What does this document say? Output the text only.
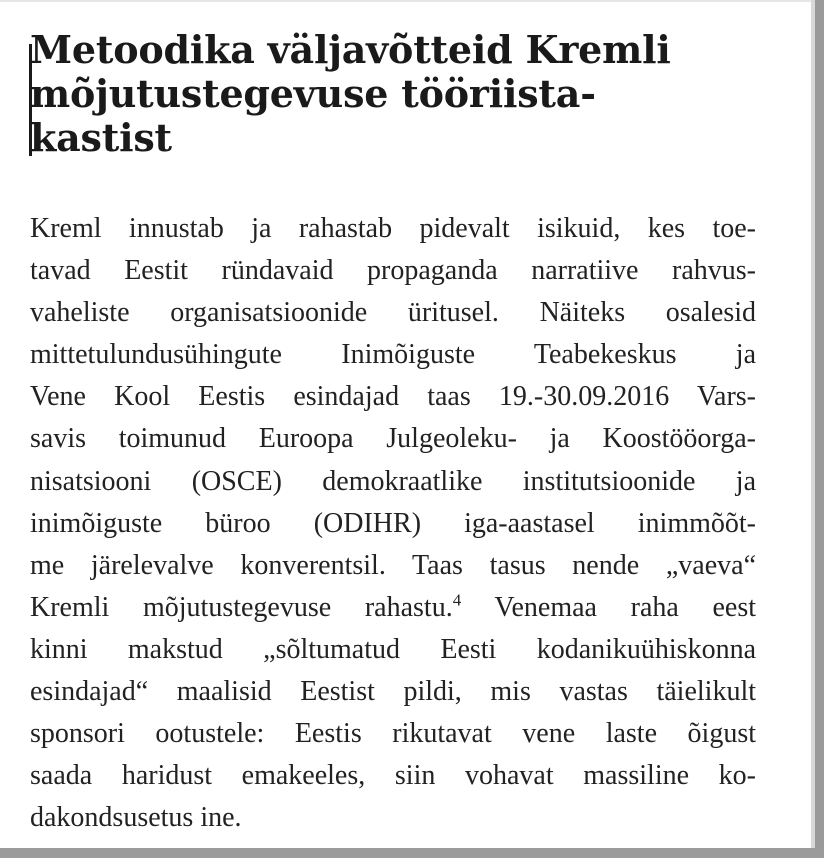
Metoodika väljavõtteid Kremli
mõjutustegevuse tööriista-
kastist
Kreml innustab ja rahastab pidevalt isikuid, kes toe-
tavad Eestit ründavaid propaganda narratiive rahvus-
vaheliste organisatsioonide üritusel. Näiteks osalesid
mittetulundusühingute Inimõiguste Teabekeskus ja
Vene Kool Eestis esindajad taas 19.-30.09.2016 Vars-
savis toimunud Euroopa Julgeoleku- ja Koostööorga-
nisatsiooni (OSCE) demokraatlike institutsioonide ja
inimõiguste büroo (ODIHR) iga-aastasel inimmõõt-
me järelevalve konverentsil. Taas tasus nende „vaeva“
Kremli mõjutustegevuse rahastu.$^4$ Venemaa raha eest
kinni makstud „sõltumatud Eesti kodanikuühiskonna
esindajad“ maalisid Eestist pildi, mis vastas täielikult
sponsori ootustele: Eestis rikutavat vene laste õigust
saada haridust emakeeles, siin vohavat massiline ko-
dakondsusetus ine.
